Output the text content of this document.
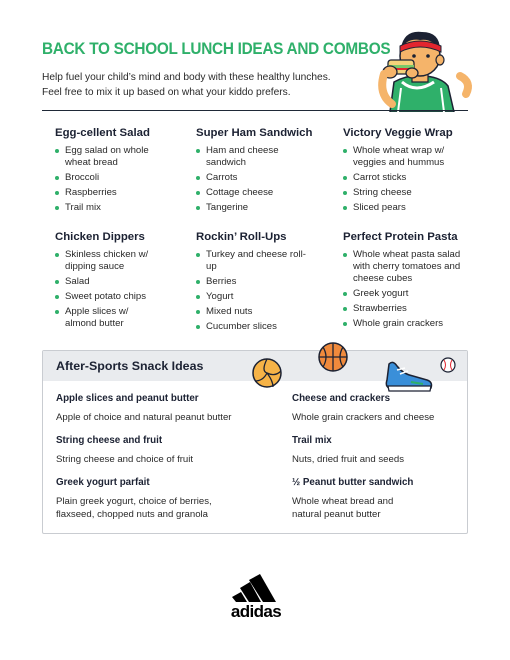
BACK TO SCHOOL LUNCH IDEAS AND COMBOS

Help fuel your child’s mind and body with these healthy lunches.
Feel free to mix it up based on what your kiddo prefers.

Egg-cellent Salad
Egg salad on whole wheat bread
Broccoli
Raspberries
Trail mix
Super Ham Sandwich
Ham and cheese sandwich
Carrots
Cottage cheese
Tangerine
Victory Veggie Wrap
Whole wheat wrap w/ veggies and hummus
Carrot sticks
String cheese
Sliced pears
Chicken Dippers
Skinless chicken w/ dipping sauce
Salad
Sweet potato chips
Apple slices w/ almond butter
Rockin’ Roll-Ups
Turkey and cheese roll-up
Berries
Yogurt
Mixed nuts
Cucumber slices
Perfect Protein Pasta
Whole wheat pasta salad with cherry tomatoes and cheese cubes
Greek yogurt
Strawberries
Whole grain crackers
After-Sports Snack Ideas
Apple slices and peanut butter

Apple of choice and natural peanut butter

Cheese and crackers

Whole grain crackers and cheese

String cheese and fruit

String cheese and choice of fruit

Trail mix

Nuts, dried fruit and seeds

Greek yogurt parfait

Plain greek yogurt, choice of berries, flaxseed, chopped nuts and granola

½ Peanut butter sandwich

Whole wheat bread and natural peanut butter

adidas
